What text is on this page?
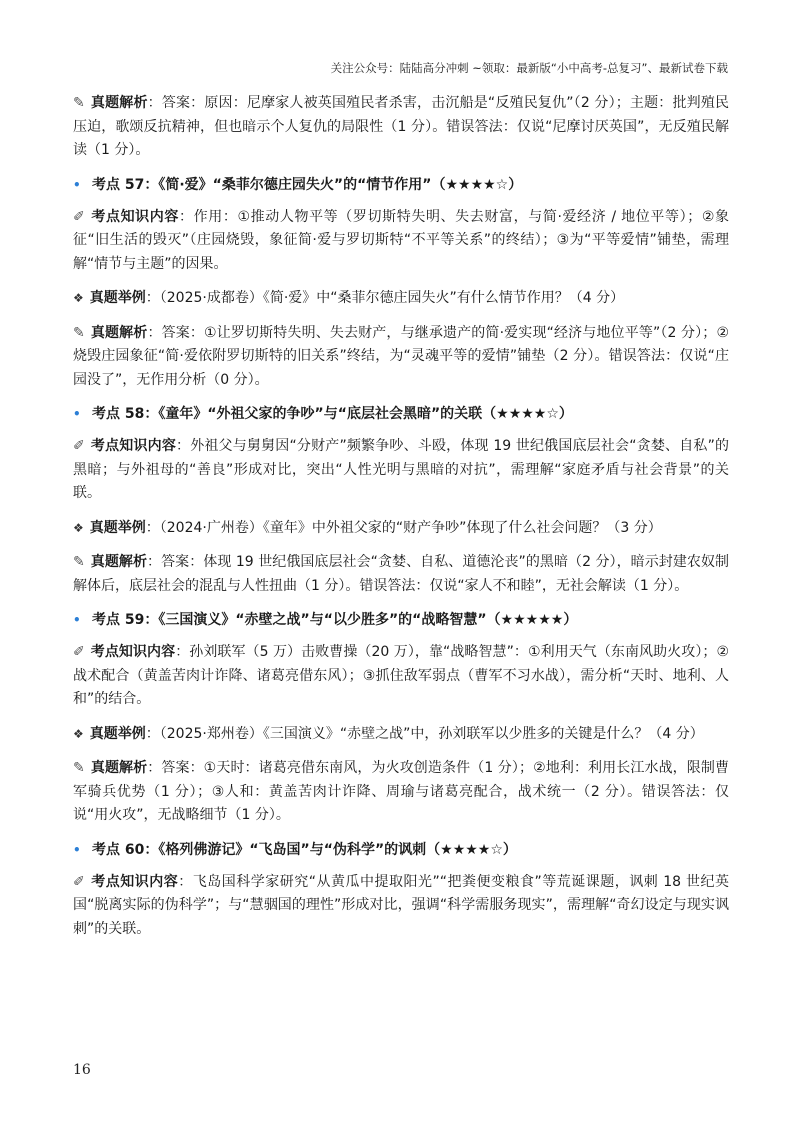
关注公众号：陆陆高分冲刺 ~领取：最新版“小中高考-总复习”、最新试卷下载

✎ 真题解析：答案：原因：尼摩家人被英国殖民者杀害，击沉船是“反殖民复仇”（2 分）；主题：批判殖民压迫，歌颂反抗精神，但也暗示个人复仇的局限性（1 分）。错误答法：仅说“尼摩讨厌英国”，无反殖民解读（1 分）。

• 考点 57：《简·爱》“桑菲尔德庄园失火”的“情节作用”（★★★★☆）

✐ 考点知识内容：作用：①推动人物平等（罗切斯特失明、失去财富，与简·爱经济 / 地位平等）；②象征“旧生活的毁灭”（庄园烧毁，象征简·爱与罗切斯特“不平等关系”的终结）；③为“平等爱情”铺垫，需理解“情节与主题”的因果。

❖ 真题举例：（2025·成都卷）《简·爱》中“桑菲尔德庄园失火”有什么情节作用？（4 分）

✎ 真题解析：答案：①让罗切斯特失明、失去财产，与继承遗产的简·爱实现“经济与地位平等”（2 分）；②烧毁庄园象征“简·爱依附罗切斯特的旧关系”终结，为“灵魂平等的爱情”铺垫（2 分）。错误答法：仅说“庄园没了”，无作用分析（0 分）。

• 考点 58：《童年》“外祖父家的争吵”与“底层社会黑暗”的关联（★★★★☆）

✐ 考点知识内容：外祖父与舅舅因“分财产”频繁争吵、斗殴，体现 19 世纪俄国底层社会“贪婪、自私”的黑暗；与外祖母的“善良”形成对比，突出“人性光明与黑暗的对抗”，需理解“家庭矛盾与社会背景”的关联。

❖ 真题举例：（2024·广州卷）《童年》中外祖父家的“财产争吵”体现了什么社会问题？（3 分）

✎ 真题解析：答案：体现 19 世纪俄国底层社会“贪婪、自私、道德沦丧”的黑暗（2 分），暗示封建农奴制解体后，底层社会的混乱与人性扭曲（1 分）。错误答法：仅说“家人不和睦”，无社会解读（1 分）。

• 考点 59：《三国演义》“赤壁之战”与“以少胜多”的“战略智慧”（★★★★★）

✐ 考点知识内容：孙刘联军（5 万）击败曹操（20 万），靠“战略智慧”：①利用天气（东南风助火攻）；②战术配合（黄盖苦肉计诈降、诸葛亮借东风）；③抓住敌军弱点（曹军不习水战），需分析“天时、地利、人和”的结合。

❖ 真题举例：（2025·郑州卷）《三国演义》“赤壁之战”中，孙刘联军以少胜多的关键是什么？（4 分）

✎ 真题解析：答案：①天时：诸葛亮借东南风，为火攻创造条件（1 分）；②地利：利用长江水战，限制曹军骑兵优势（1 分）；③人和：黄盖苦肉计诈降、周瑜与诸葛亮配合，战术统一（2 分）。错误答法：仅说“用火攻”，无战略细节（1 分）。

• 考点 60：《格列佛游记》“飞岛国”与“伪科学”的讽刺（★★★★☆）

✐ 考点知识内容：飞岛国科学家研究“从黄瓜中提取阳光”“把粪便变粮食”等荒诞课题，讽刺 18 世纪英国“脱离实际的伪科学”；与“慧骃国的理性”形成对比，强调“科学需服务现实”，需理解“奇幻设定与现实讽刺”的关联。

16
